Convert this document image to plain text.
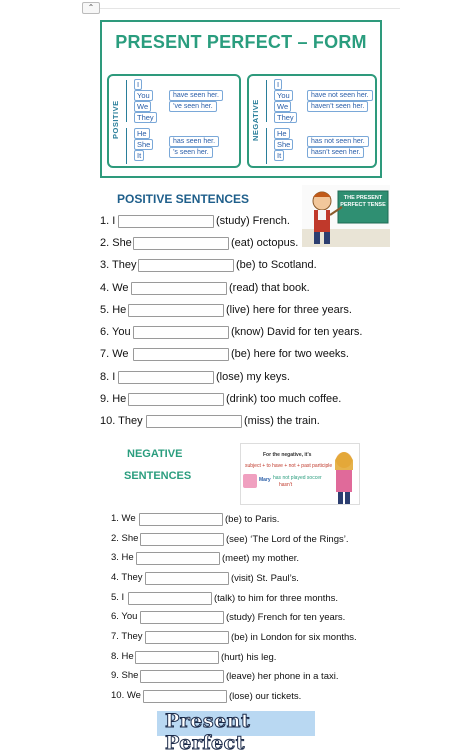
⌃
PRESENT PERFECT – FORM
POSITIVE
I
You
We
They
have seen her.
’ve seen her.
He
She
It
has seen her.
’s seen her.
NEGATIVE
I
You
We
They
have not seen her.
haven’t seen her.
He
She
It
has not seen her.
hasn’t seen her.
POSITIVE SENTENCES	THE PRESENT
PERFECT TENSE
1. I	(study) French.
2. She	(eat) octopus.
3. They	(be) to Scotland.
4. We	(read) that book.
5. He	(live) here for three years.
6. You	(know) David for ten years.
7. We	(be) here for two weeks.
8. I	(lose) my keys.
9. He	(drink) too much coffee.
10. They	(miss) the train.
NEGATIVE
SENTENCES
For the negative, it's
subject + to have + not + past participle
Mary has not played soccer
hasn't
1. We	(be) to Paris.
2. She	(see) ‘The Lord of the Rings’.
3. He	(meet) my mother.
4. They	(visit) St. Paul’s.
5. I	(talk) to him for three months.
6. You	(study) French for ten years.
7. They	(be) in London for six months.
8. He	(hurt) his leg.
9. She	(leave) her phone in a taxi.
10. We	(lose) our tickets.
Present Perfect
